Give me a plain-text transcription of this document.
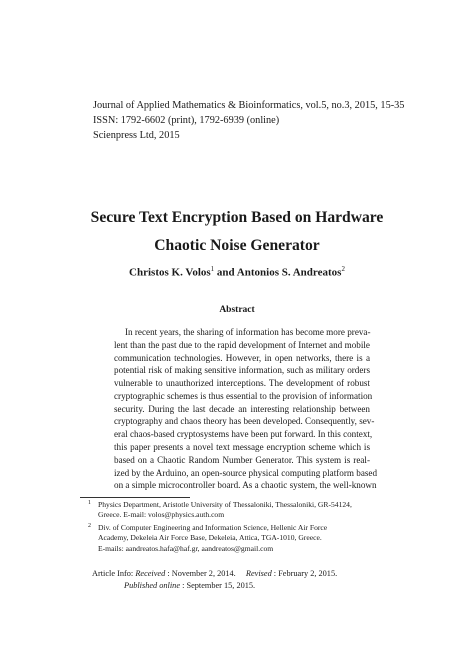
Journal of Applied Mathematics & Bioinformatics, vol.5, no.3, 2015, 15-35
ISSN: 1792-6602 (print), 1792-6939 (online)
Scienpress Ltd, 2015
Secure Text Encryption Based on Hardware
Chaotic Noise Generator
Christos K. Volos$^1$ and Antonios S. Andreatos$^2$
Abstract
In recent years, the sharing of information has become more preva-
lent than the past due to the rapid development of Internet and mobile
communication technologies. However, in open networks, there is a
potential risk of making sensitive information, such as military orders
vulnerable to unauthorized interceptions. The development of robust
cryptographic schemes is thus essential to the provision of information
security. During the last decade an interesting relationship between
cryptography and chaos theory has been developed. Consequently, sev-
eral chaos-based cryptosystems have been put forward. In this context,
this paper presents a novel text message encryption scheme which is
based on a Chaotic Random Number Generator. This system is real-
ized by the Arduino, an open-source physical computing platform based
on a simple microcontroller board. As a chaotic system, the well-known
1 Physics Department, Aristotle University of Thessaloniki, Thessaloniki, GR-54124,
Greece. E-mail: volos@physics.auth.com
2 Div. of Computer Engineering and Information Science, Hellenic Air Force
Academy, Dekeleia Air Force Base, Dekeleia, Attica, TGA-1010, Greece.
E-mails: aandreatos.hafa@haf.gr, aandreatos@gmail.com
Article Info: Received : November 2, 2014. Revised : February 2, 2015.
Published online : September 15, 2015.
